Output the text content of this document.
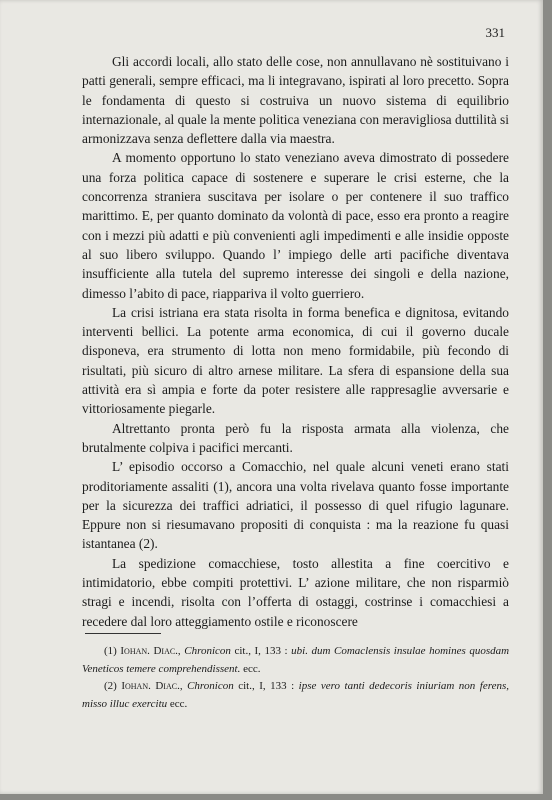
331

Gli accordi locali, allo stato delle cose, non annullavano nè sostituivano i patti generali, sempre efficaci, ma li integravano, ispirati al loro precetto. Sopra le fondamenta di questo si costruiva un nuovo sistema di equilibrio internazionale, al quale la mente politica veneziana con meravigliosa duttilità si armonizzava senza deflettere dalla via maestra.

A momento opportuno lo stato veneziano aveva dimostrato di possedere una forza politica capace di sostenere e superare le crisi esterne, che la concorrenza straniera suscitava per isolare o per contenere il suo traffico marittimo. E, per quanto dominato da volontà di pace, esso era pronto a reagire con i mezzi più adatti e più convenienti agli impedimenti e alle insidie opposte al suo libero sviluppo. Quando l’ impiego delle arti pacifiche diventava insufficiente alla tutela del supremo interesse dei singoli e della nazione, dimesso l’abito di pace, riappariva il volto guerriero.

La crisi istriana era stata risolta in forma benefica e dignitosa, evitando interventi bellici. La potente arma economica, di cui il governo ducale disponeva, era strumento di lotta non meno formidabile, più fecondo di risultati, più sicuro di altro arnese militare. La sfera di espansione della sua attività era sì ampia e forte da poter resistere alle rappresaglie avversarie e vittoriosamente piegarle.

Altrettanto pronta però fu la risposta armata alla violenza, che brutalmente colpiva i pacifici mercanti.

L’ episodio occorso a Comacchio, nel quale alcuni veneti erano stati proditoriamente assaliti (1), ancora una volta rivelava quanto fosse importante per la sicurezza dei traffici adriatici, il possesso di quel rifugio lagunare. Eppure non si riesumavano propositi di conquista : ma la reazione fu quasi istantanea (2).

La spedizione comacchiese, tosto allestita a fine coercitivo e intimidatorio, ebbe compiti protettivi. L’ azione militare, che non risparmiò stragi e incendi, risolta con l’offerta di ostaggi, costrinse i comacchiesi a recedere dal loro atteggiamento ostile e riconoscere

(1) Iohan. Diac., Chronicon cit., I, 133 : ubi. dum Comaclensis insulae homines quosdam Veneticos temere comprehendissent. ecc.

(2) Iohan. Diac., Chronicon cit., I, 133 : ipse vero tanti dedecoris iniuriam non ferens, misso illuc exercitu ecc.
